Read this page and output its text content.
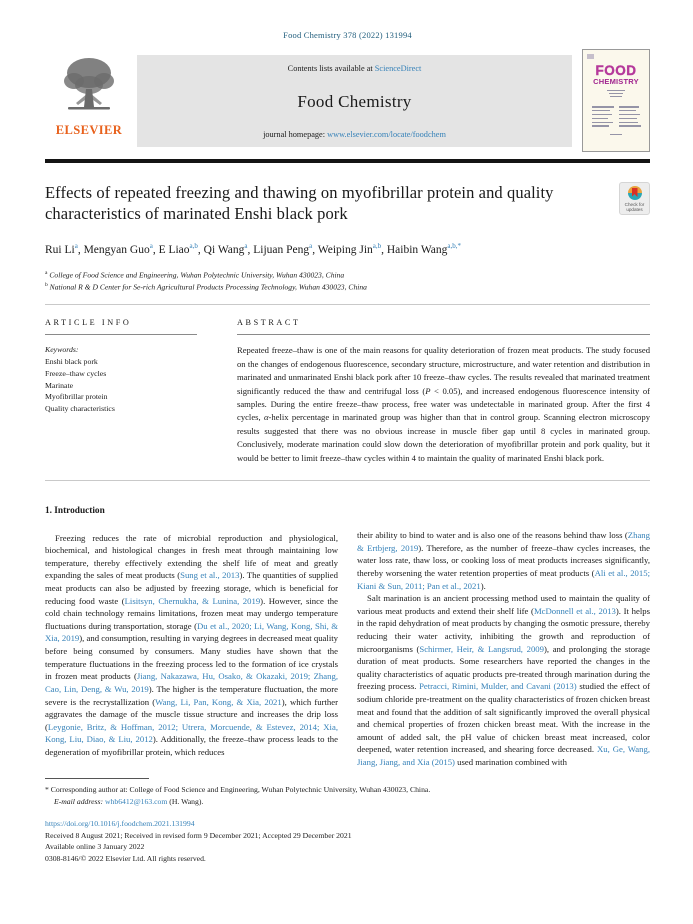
Food Chemistry 378 (2022) 131994
ELSEVIER
Contents lists available at ScienceDirect
Food Chemistry
journal homepage: www.elsevier.com/locate/foodchem
FOOD
CHEMISTRY
Effects of repeated freezing and thawing on myofibrillar protein and quality characteristics of marinated Enshi black pork
Check for
updates
Rui Li$^a$, Mengyan Guo$^a$, E Liao$^{a,b}$, Qi Wang$^a$, Lijuan Peng$^a$, Weiping Jin$^{a,b}$, Haibin Wang$^{a,b,*}$
$^a$ College of Food Science and Engineering, Wuhan Polytechnic University, Wuhan 430023, China
$^b$ National R & D Center for Se-rich Agricultural Products Processing Technology, Wuhan 430023, China
ARTICLE INFO
Keywords:
Enshi black pork
Freeze–thaw cycles
Marinate
Myofibrillar protein
Quality characteristics
ABSTRACT
Repeated freeze–thaw is one of the main reasons for quality deterioration of frozen meat products. The study focused on the changes of endogenous fluorescence, secondary structure, microstructure, and water retention and distribution in marinated and unmarinated Enshi black pork after 10 freeze–thaw cycles. The results revealed that marinated treatment significantly reduced the thaw and centrifugal loss (P < 0.05), and increased endogenous fluorescence intensity of samples. During the entire freeze–thaw process, free water was undetectable in marinated group. After the first 4 cycles, α-helix percentage in marinated group was higher than that in control group. Scanning electron microscopy results suggested that there was no obvious increase in muscle fiber gap until 8 cycles in marinated group. Conclusively, moderate marination could slow down the deterioration of myofibrillar protein and pork quality, but it would be better to limit freeze–thaw cycles within 4 to maintain the quality of marinated Enshi black pork.
1. Introduction

Freezing reduces the rate of microbial reproduction and physiological, biochemical, and histological changes in fresh meat through maintaining low temperature, thereby effectively extending the shelf life of meat and greatly expanding the sales of meat products (Sung et al., 2013). The quantities of supplied meat products can also be adjusted by freezing storage, which is beneficial for reducing food waste (Lisitsyn, Chernukha, & Lunina, 2019). However, since the cold chain technology remains limitations, frozen meat may undergo temperature fluctuations during transportation, storage (Du et al., 2020; Li, Wang, Kong, Shi, & Xia, 2019), and consumption, resulting in varying degrees in decreased meat quality before being consumed by consumers. Many studies have shown that the temperature fluctuations in the freezing process led to the formation of ice crystals in frozen meat products (Jiang, Nakazawa, Hu, Osako, & Okazaki, 2019; Zhang, Cao, Lin, Deng, & Wu, 2019). The higher is the temperature fluctuation, the more severe is the recrystallization (Wang, Li, Pan, Kong, & Xia, 2021), which further aggravates the damage of the muscle tissue structure and increases the drip loss (Leygonie, Britz, & Hoffman, 2012; Utrera, Morcuende, & Estevez, 2014; Xia, Kong, Liu, Diao, & Liu, 2012). Additionally, the freeze–thaw process leads to the degeneration of myofibrillar protein, which reduces

their ability to bind to water and is also one of the reasons behind thaw loss (Zhang & Ertbjerg, 2019). Therefore, as the number of freeze–thaw cycles increases, the water loss rate, thaw loss, or cooking loss of meat products increases significantly, thereby worsening the water retention properties of meat products (Ali et al., 2015; Kiani & Sun, 2011; Pan et al., 2021).

Salt marination is an ancient processing method used to maintain the quality of various meat products and extend their shelf life (McDonnell et al., 2013). It helps in the rapid dehydration of meat products by changing the osmotic pressure, thereby reducing their water activity, inhibiting the growth and reproduction of microorganisms (Schirmer, Heir, & Langsrud, 2009), and prolonging the storage duration of meat products. Some researchers have reported the changes in the quality characteristics of aquatic products pre-treated through marination during the freezing process. Petracci, Rimini, Mulder, and Cavani (2013) studied the effect of sodium chloride pre-treatment on the quality characteristics of frozen chicken breast meat and found that the addition of salt significantly improved the overall physical and chemical properties of frozen chicken breast meat. With the increase in the amount of added salt, the pH value of chicken breast meat increased, color deepened, water retention increased, and shearing force decreased. Xu, Ge, Wang, Jiang, Jiang, and Xia (2015) used marination combined with

* Corresponding author at: College of Food Science and Engineering, Wuhan Polytechnic University, Wuhan 430023, China.
E-mail address: whb6412@163.com (H. Wang).
https://doi.org/10.1016/j.foodchem.2021.131994
Received 8 August 2021; Received in revised form 9 December 2021; Accepted 29 December 2021
Available online 3 January 2022
0308-8146/© 2022 Elsevier Ltd. All rights reserved.
